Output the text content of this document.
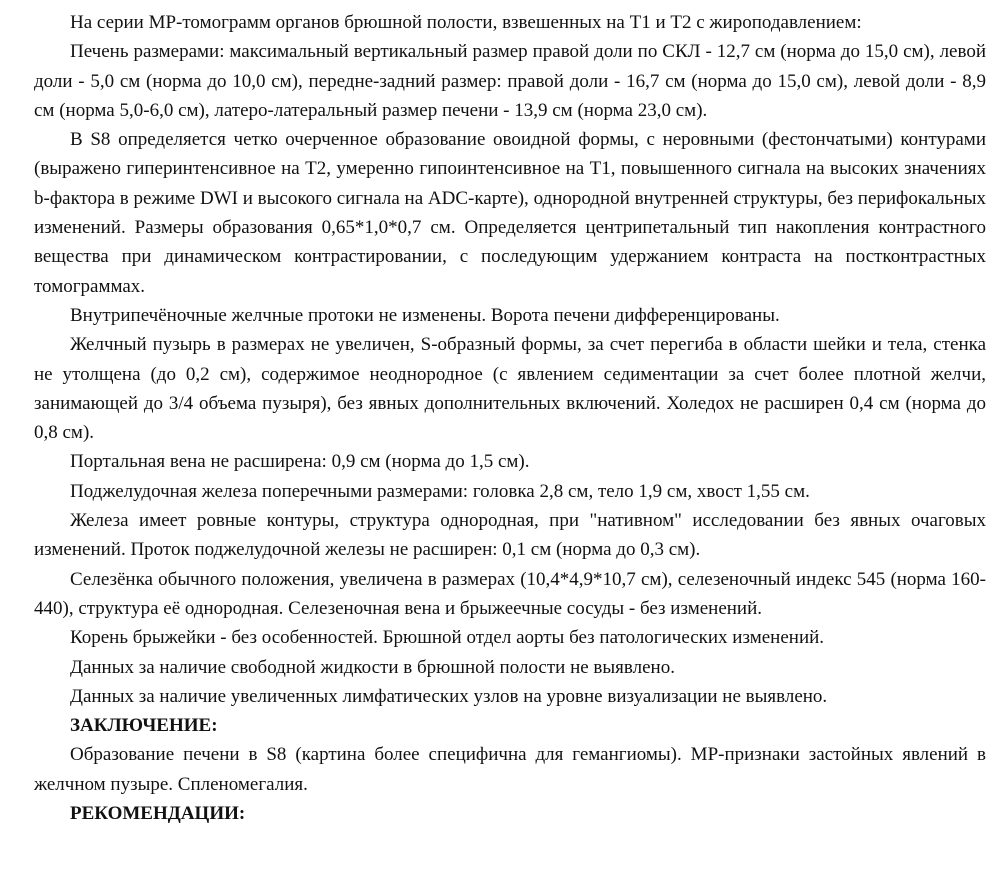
На серии МР-томограмм органов брюшной полости, взвешенных на Т1 и Т2 с жироподавлением:

Печень размерами: максимальный вертикальный размер правой доли по СКЛ - 12,7 см (норма до 15,0 см), левой доли - 5,0 см (норма до 10,0 см), передне-задний размер: правой доли - 16,7 см (норма до 15,0 см), левой доли - 8,9 см (норма 5,0-6,0 см), латеро-латеральный размер печени - 13,9 см (норма 23,0 см).

В S8 определяется четко очерченное образование овоидной формы, с неровными (фестончатыми) контурами (выражено гиперинтенсивное на Т2, умеренно гипоинтенсивное на Т1, повышенного сигнала на высоких значениях b-фактора в режиме DWI и высокого сигнала на ADC-карте), однородной внутренней структуры, без перифокальных изменений. Размеры образования 0,65*1,0*0,7 см. Определяется центрипетальный тип накопления контрастного вещества при динамическом контрастировании, с последующим удержанием контраста на постконтрастных томограммах.

Внутрипечёночные желчные протоки не изменены. Ворота печени дифференцированы.

Желчный пузырь в размерах не увеличен, S-образный формы, за счет перегиба в области шейки и тела, стенка не утолщена (до 0,2 см), содержимое неоднородное (с явлением седиментации за счет более плотной желчи, занимающей до 3/4 объема пузыря), без явных дополнительных включений. Холедох не расширен 0,4 см (норма до 0,8 см).

Портальная вена не расширена: 0,9 см (норма до 1,5 см).

Поджелудочная железа поперечными размерами: головка 2,8 см, тело 1,9 см, хвост 1,55 см.

Железа имеет ровные контуры, структура однородная, при "нативном" исследовании без явных очаговых изменений. Проток поджелудочной железы не расширен: 0,1 см (норма до 0,3 см).

Селезёнка обычного положения, увеличена в размерах (10,4*4,9*10,7 см), селезеночный индекс 545 (норма 160-440), структура её однородная. Селезеночная вена и брыжеечные сосуды - без изменений.

Корень брыжейки - без особенностей. Брюшной отдел аорты без патологических изменений.

Данных за наличие свободной жидкости в брюшной полости не выявлено.

Данных за наличие увеличенных лимфатических узлов на уровне визуализации не выявлено.

ЗАКЛЮЧЕНИЕ:

Образование печени в S8 (картина более специфична для гемангиомы). МР-признаки застойных явлений в желчном пузыре. Спленомегалия.

РЕКОМЕНДАЦИИ:
